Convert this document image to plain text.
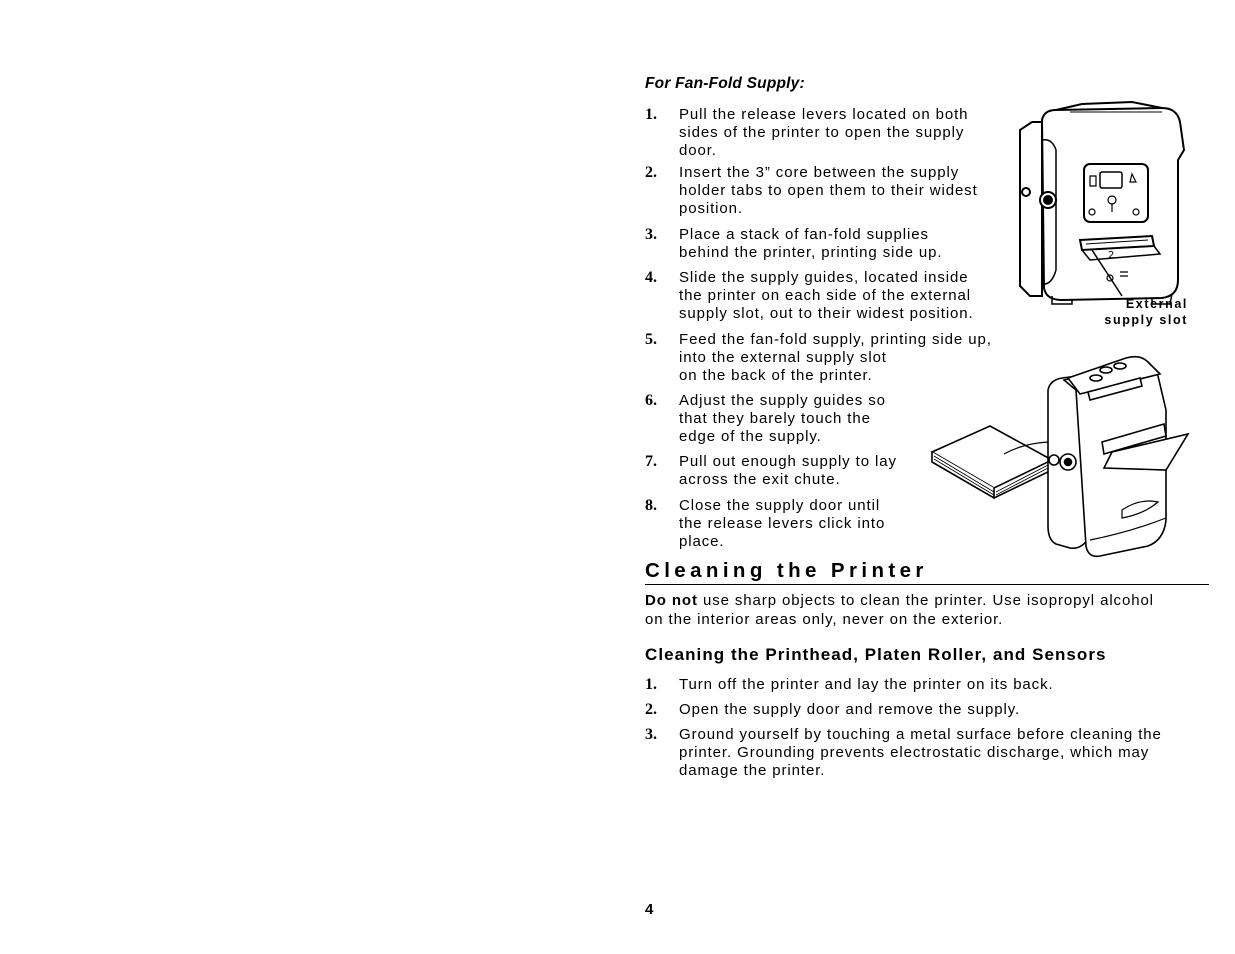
For Fan-Fold Supply:
1.	Pull the release levers located on both
sides of the printer to open the supply
door.
2.	Insert the 3” core between the supply
holder tabs to open them to their widest
position.
3.	Place a stack of fan-fold supplies
behind the printer, printing side up.
4.	Slide the supply guides, located inside
the printer on each side of the external
supply slot, out to their widest position.
5.	Feed the fan-fold supply, printing side up,
into the external supply slot
on the back of the printer.
6.	Adjust the supply guides so
that they barely touch the
edge of the supply.
7.	Pull out enough supply to lay
across the exit chute.
8.	Close the supply door until
the release levers click into
place.
2
External
supply slot
Cleaning the Printer
Do not use sharp objects to clean the printer. Use isopropyl alcohol
on the interior areas only, never on the exterior.
Cleaning the Printhead, Platen Roller, and Sensors
1.	Turn off the printer and lay the printer on its back.
2.	Open the supply door and remove the supply.
3.	Ground yourself by touching a metal surface before cleaning the
printer. Grounding prevents electrostatic discharge, which may
damage the printer.
4
